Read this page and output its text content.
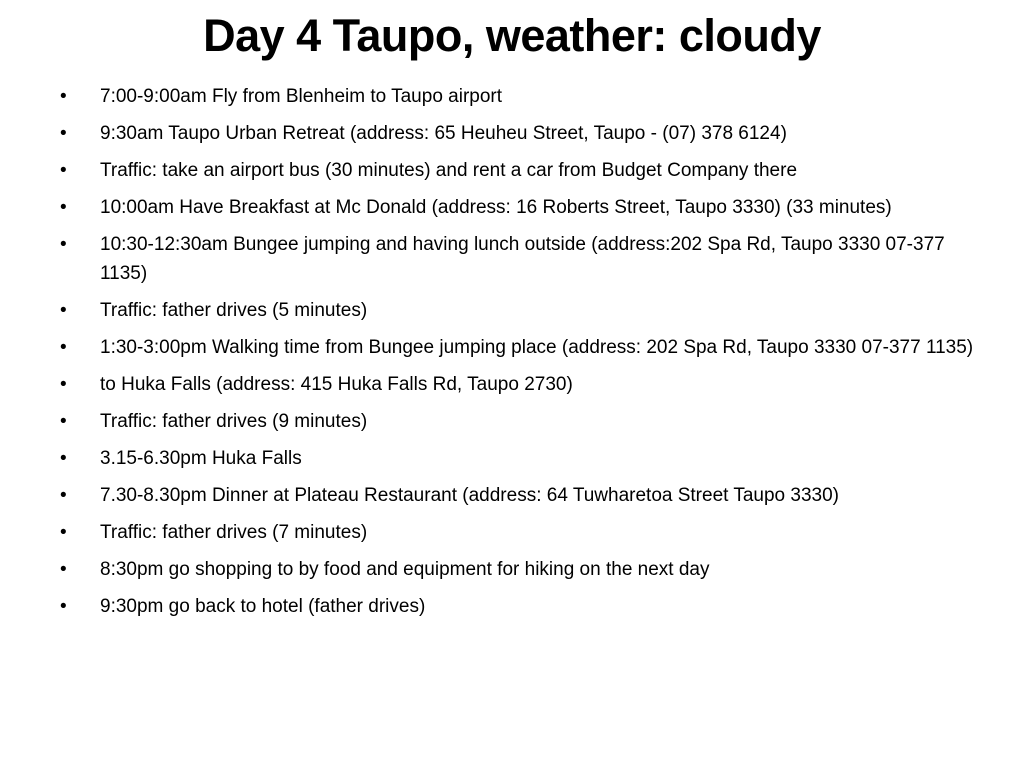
Day 4 Taupo, weather: cloudy
• 7:00-9:00am Fly from Blenheim to Taupo airport
• 9:30am Taupo Urban Retreat (address: 65 Heuheu Street, Taupo - (07) 378 6124)
• Traffic: take an airport bus (30 minutes) and rent a car from Budget Company there
• 10:00am Have Breakfast at Mc Donald (address: 16 Roberts Street, Taupo 3330) (33 minutes)
• 10:30-12:30am Bungee jumping and having lunch outside (address:202 Spa Rd, Taupo 3330 07-377 1135)
• Traffic: father drives (5 minutes)
• 1:30-3:00pm Walking time from Bungee jumping place (address: 202 Spa Rd, Taupo 3330 07-377 1135)
• to Huka Falls (address: 415 Huka Falls Rd, Taupo 2730)
• Traffic: father drives (9 minutes)
• 3.15-6.30pm Huka Falls
• 7.30-8.30pm Dinner at Plateau Restaurant (address: 64 Tuwharetoa Street Taupo 3330)
• Traffic: father drives (7 minutes)
• 8:30pm go shopping to by food and equipment for hiking on the next day
• 9:30pm go back to hotel (father drives)
